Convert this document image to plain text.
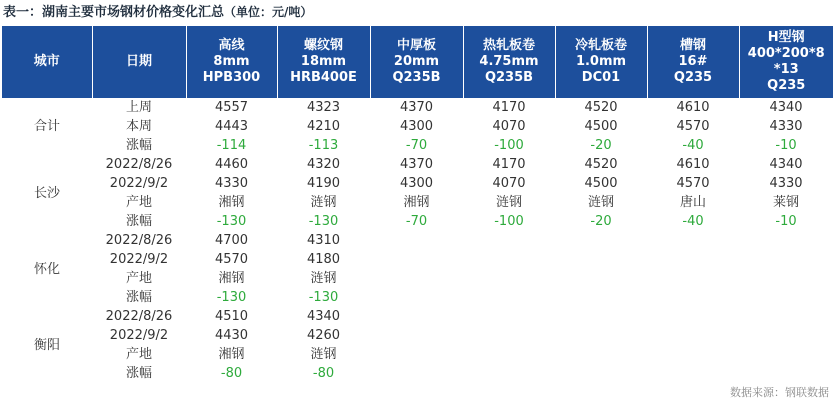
表一：湖南主要市场钢材价格变化汇总（单位：元/吨）
城市	日期	高线
8mm
HPB300	螺纹钢
18mm
HRB400E	中厚板
20mm
Q235B	热轧板卷
4.75mm
Q235B	冷轧板卷
1.0mm
DC01	槽钢
16#
Q235	H型钢
400*200*8
*13
Q235

合计	上周	4557	4323	4370	4170	4520	4610	4340
	本周	4443	4210	4300	4070	4500	4570	4330
	涨幅	-114	-113	-70	-100	-20	-40	-10
长沙	2022/8/26	4460	4320	4370	4170	4520	4610	4340
	2022/9/2	4330	4190	4300	4070	4500	4570	4330
	产地	湘钢	涟钢	湘钢	涟钢	涟钢	唐山	莱钢
	涨幅	-130	-130	-70	-100	-20	-40	-10
怀化	2022/8/26	4700	4310					
	2022/9/2	4570	4180					
	产地	湘钢	涟钢					
	涨幅	-130	-130					
衡阳	2022/8/26	4510	4340					
	2022/9/2	4430	4260					
	产地	湘钢	涟钢					
	涨幅	-80	-80					
数据来源：钢联数据
